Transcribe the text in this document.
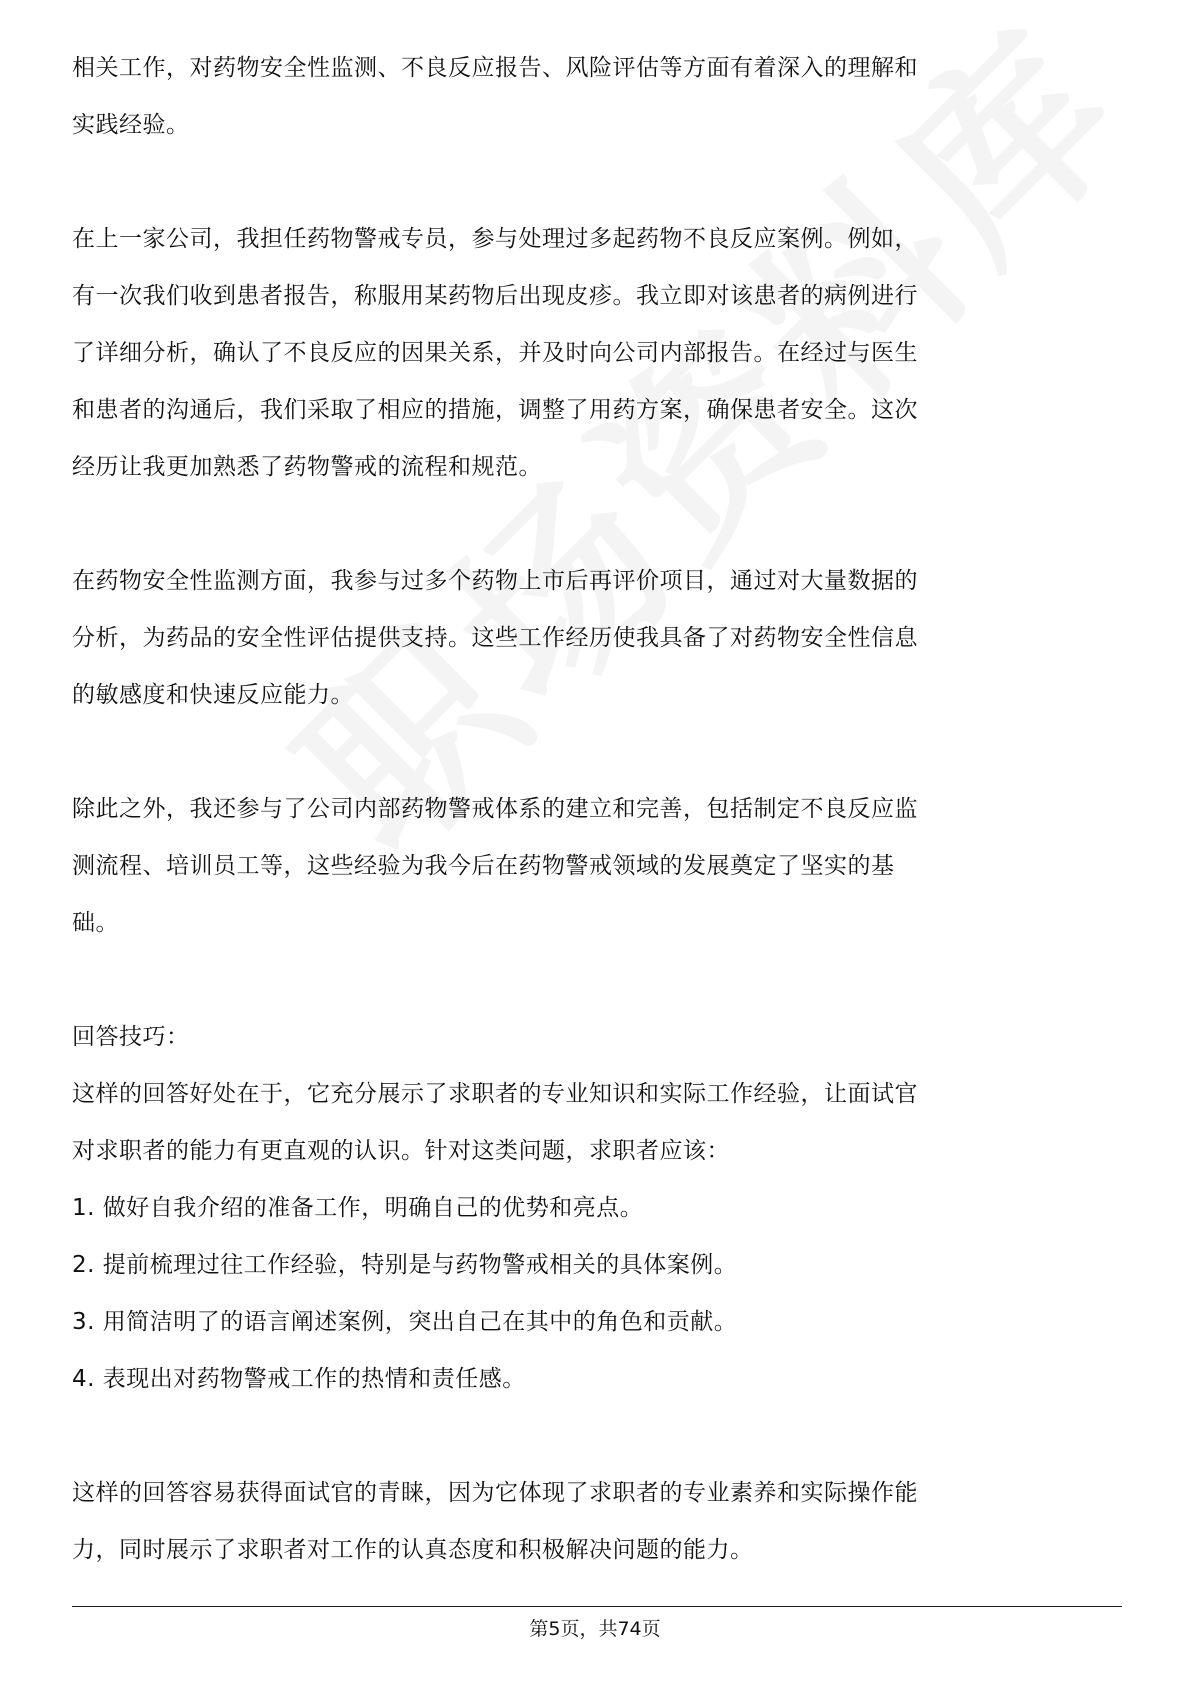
相关工作，对药物安全性监测、不良反应报告、风险评估等方面有着深入的理解和
实践经验。

在上一家公司，我担任药物警戒专员，参与处理过多起药物不良反应案例。例如，
有一次我们收到患者报告，称服用某药物后出现皮疹。我立即对该患者的病例进行
了详细分析，确认了不良反应的因果关系，并及时向公司内部报告。在经过与医生
和患者的沟通后，我们采取了相应的措施，调整了用药方案，确保患者安全。这次
经历让我更加熟悉了药物警戒的流程和规范。

在药物安全性监测方面，我参与过多个药物上市后再评价项目，通过对大量数据的
分析，为药品的安全性评估提供支持。这些工作经历使我具备了对药物安全性信息
的敏感度和快速反应能力。

除此之外，我还参与了公司内部药物警戒体系的建立和完善，包括制定不良反应监
测流程、培训员工等，这些经验为我今后在药物警戒领域的发展奠定了坚实的基
础。

回答技巧：
这样的回答好处在于，它充分展示了求职者的专业知识和实际工作经验，让面试官
对求职者的能力有更直观的认识。针对这类问题，求职者应该：
1. 做好自我介绍的准备工作，明确自己的优势和亮点。
2. 提前梳理过往工作经验，特别是与药物警戒相关的具体案例。
3. 用简洁明了的语言阐述案例，突出自己在其中的角色和贡献。
4. 表现出对药物警戒工作的热情和责任感。

这样的回答容易获得面试官的青睐，因为它体现了求职者的专业素养和实际操作能
力，同时展示了求职者对工作的认真态度和积极解决问题的能力。

第5页，共74页
